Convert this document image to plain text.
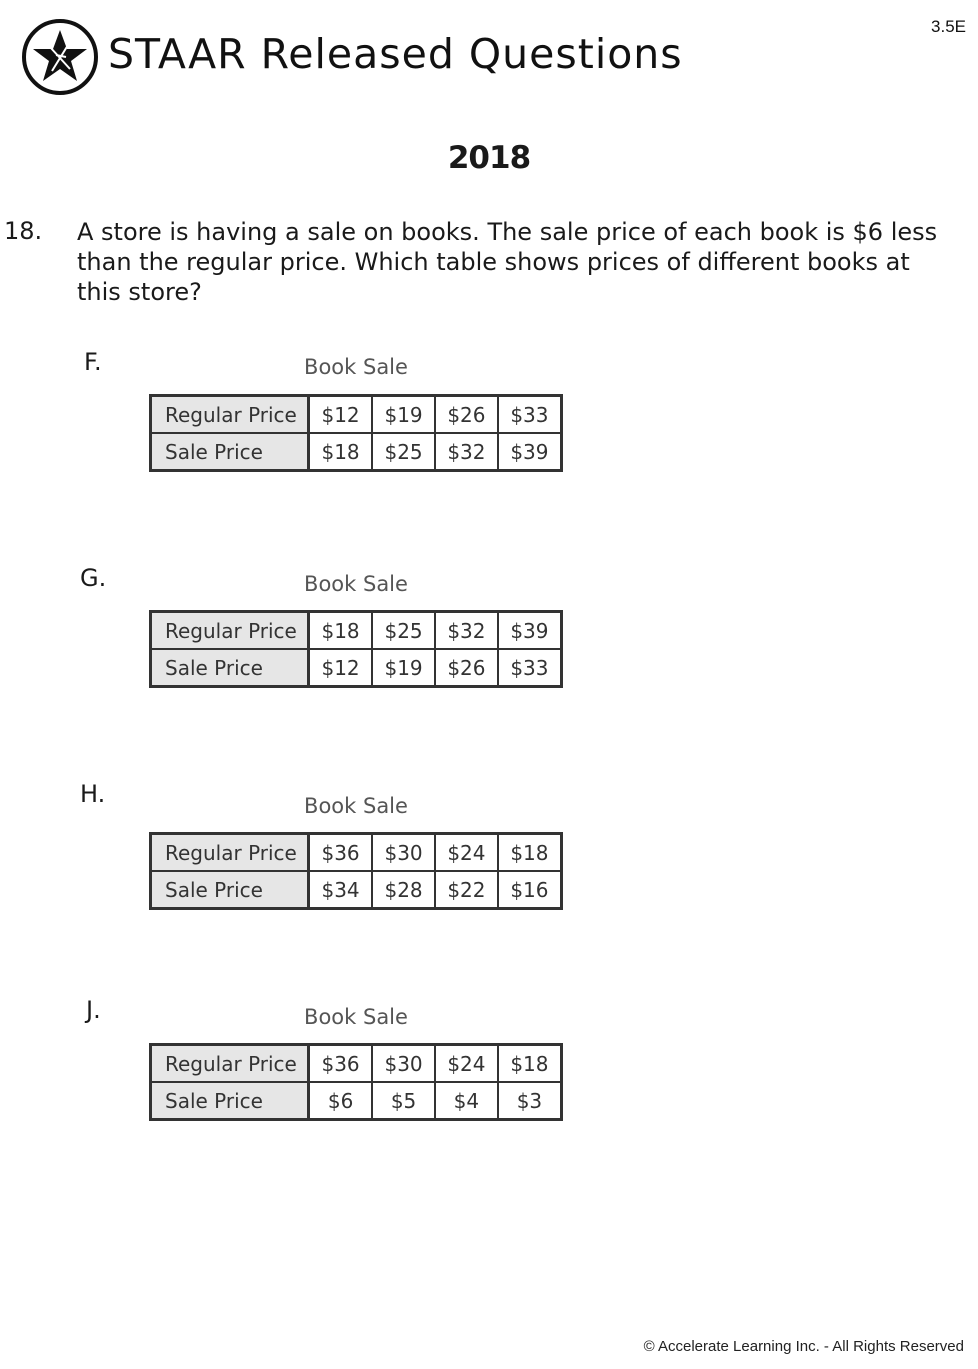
3.5E
STAAR Released Questions
2018
18. A store is having a sale on books. The sale price of each book is $6 less than the regular price. Which table shows prices of different books at this store?
F.	Book Sale
Regular Price	$12	$19	$26	$33
Sale Price	$18	$25	$32	$39
G.	Book Sale
Regular Price	$18	$25	$32	$39
Sale Price	$12	$19	$26	$33
H.	Book Sale
Regular Price	$36	$30	$24	$18
Sale Price	$34	$28	$22	$16
J.	Book Sale
Regular Price	$36	$30	$24	$18
Sale Price	$6	$5	$4	$3
© Accelerate Learning Inc. - All Rights Reserved
